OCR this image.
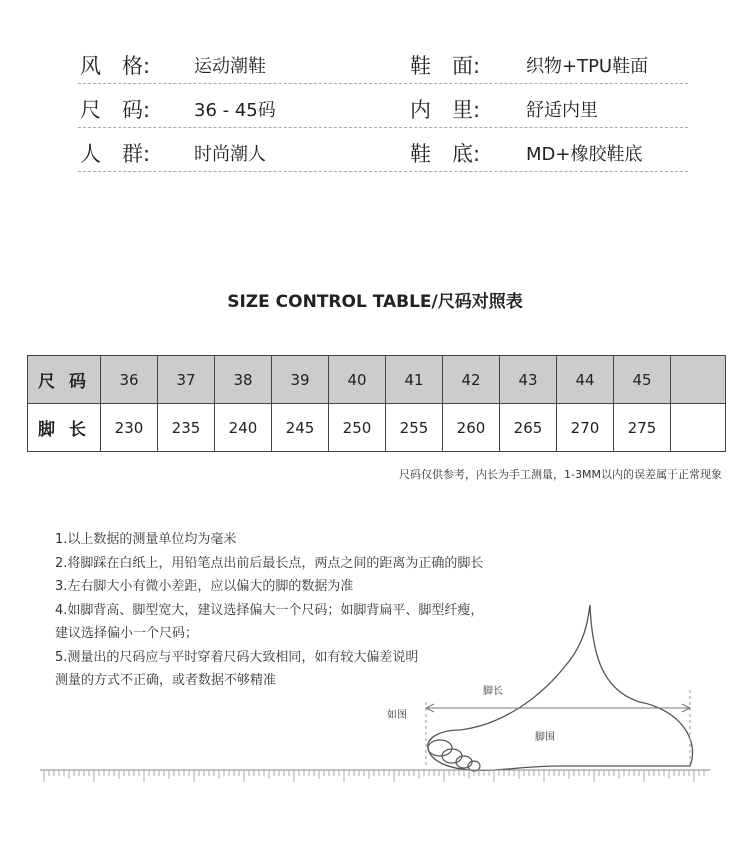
风　格: 运动潮鞋	鞋　面:	织物+TPU鞋面
尺　码: 36 - 45码	内　里:	舒适内里
人　群: 时尚潮人	鞋　底:	MD+橡胶鞋底
SIZE CONTROL TABLE/尺码对照表
尺 码	36	37	38	39	40	41	42	43	44	45	
脚 长	230	235	240	245	250	255	260	265	270	275	
尺码仅供参考，内长为手工测量，1-3MM以内的误差属于正常现象
1.以上数据的测量单位均为毫米
2.将脚踩在白纸上，用铅笔点出前后最长点，两点之间的距离为正确的脚长
3.左右脚大小有微小差距，应以偏大的脚的数据为准
4.如脚背高、脚型宽大，建议选择偏大一个尺码；如脚背扁平、脚型纤瘦，
建议选择偏小一个尺码；
5.测量出的尺码应与平时穿着尺码大致相同，如有较大偏差说明
测量的方式不正确，或者数据不够精准
脚长
如图
脚围
